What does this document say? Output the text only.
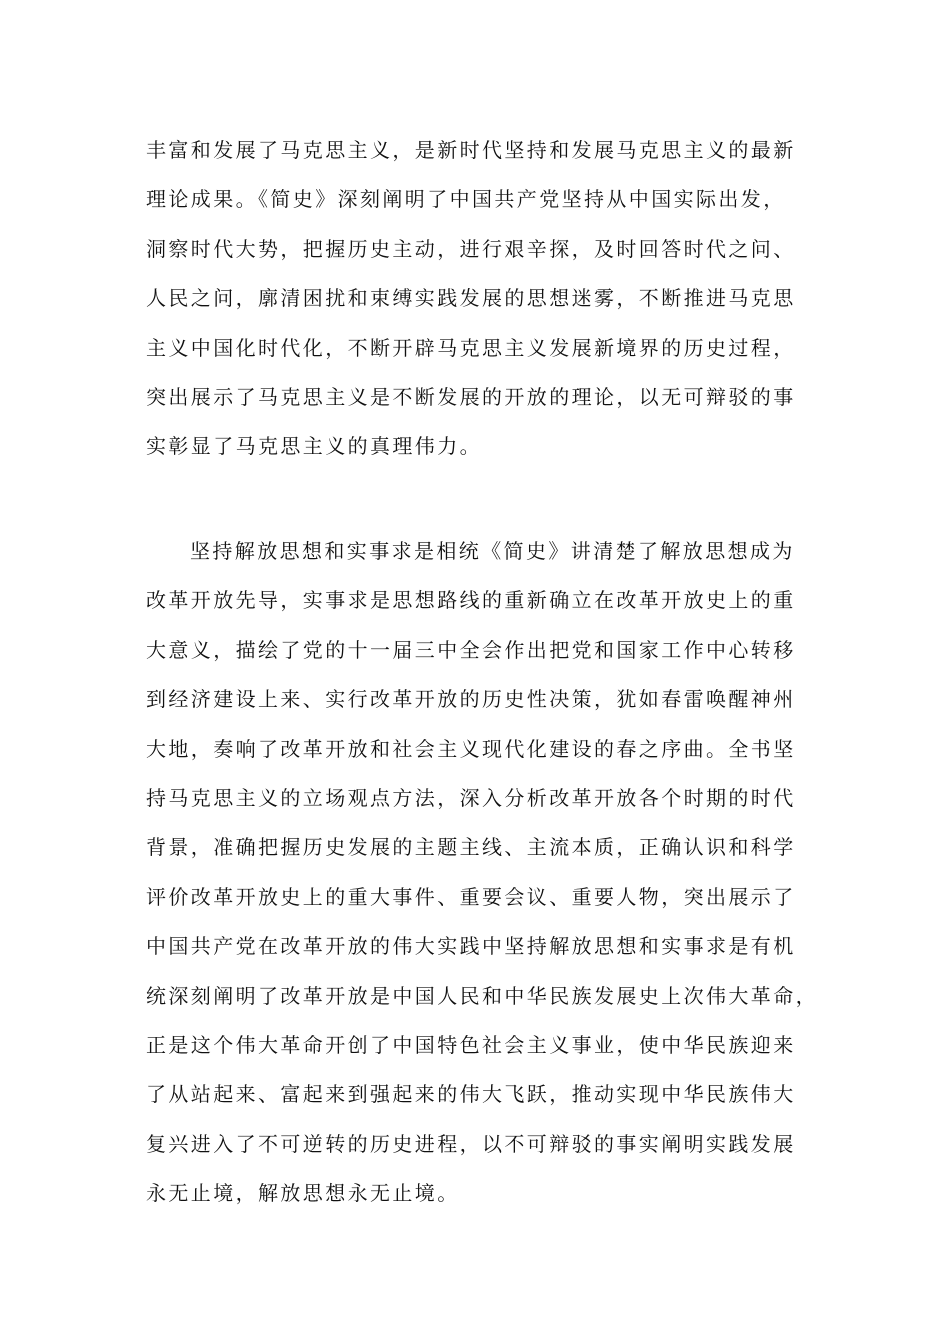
丰富和发展了马克思主义，是新时代坚持和发展马克思主义的最新
理论成果。《简史》深刻阐明了中国共产党坚持从中国实际出发，
洞察时代大势，把握历史主动，进行艰辛探，及时回答时代之问、
人民之问，廓清困扰和束缚实践发展的思想迷雾，不断推进马克思
主义中国化时代化，不断开辟马克思主义发展新境界的历史过程，
突出展示了马克思主义是不断发展的开放的理论，以无可辩驳的事
实彰显了马克思主义的真理伟力。
坚持解放思想和实事求是相统《简史》讲清楚了解放思想成为
改革开放先导，实事求是思想路线的重新确立在改革开放史上的重
大意义，描绘了党的十一届三中全会作出把党和国家工作中心转移
到经济建设上来、实行改革开放的历史性决策，犹如春雷唤醒神州
大地，奏响了改革开放和社会主义现代化建设的春之序曲。全书坚
持马克思主义的立场观点方法，深入分析改革开放各个时期的时代
背景，准确把握历史发展的主题主线、主流本质，正确认识和科学
评价改革开放史上的重大事件、重要会议、重要人物，突出展示了
中国共产党在改革开放的伟大实践中坚持解放思想和实事求是有机
统深刻阐明了改革开放是中国人民和中华民族发展史上次伟大革命，
正是这个伟大革命开创了中国特色社会主义事业，使中华民族迎来
了从站起来、富起来到强起来的伟大飞跃，推动实现中华民族伟大
复兴进入了不可逆转的历史进程，以不可辩驳的事实阐明实践发展
永无止境，解放思想永无止境。
